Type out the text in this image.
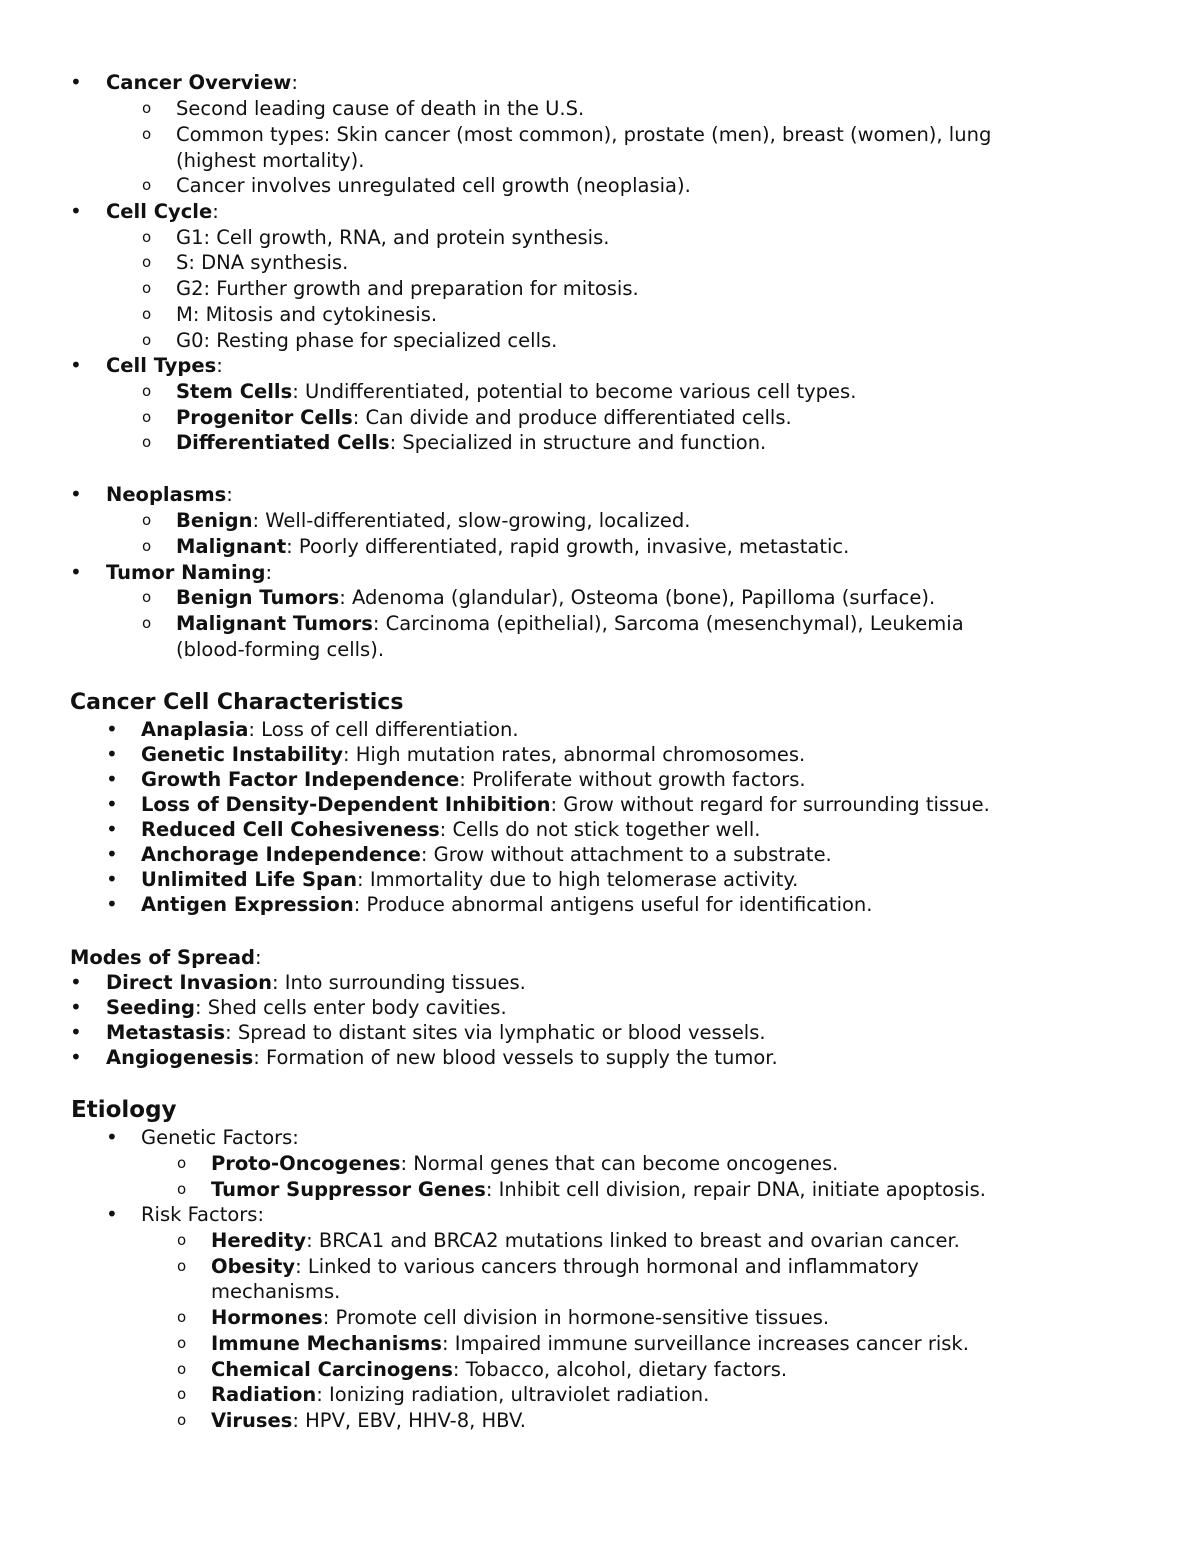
• Cancer Overview:
o Second leading cause of death in the U.S.
o Common types: Skin cancer (most common), prostate (men), breast (women), lung
(highest mortality).
o Cancer involves unregulated cell growth (neoplasia).
• Cell Cycle:
o G1: Cell growth, RNA, and protein synthesis.
o S: DNA synthesis.
o G2: Further growth and preparation for mitosis.
o M: Mitosis and cytokinesis.
o G0: Resting phase for specialized cells.
• Cell Types:
o Stem Cells: Undifferentiated, potential to become various cell types.
o Progenitor Cells: Can divide and produce differentiated cells.
o Differentiated Cells: Specialized in structure and function.
• Neoplasms:
o Benign: Well-differentiated, slow-growing, localized.
o Malignant: Poorly differentiated, rapid growth, invasive, metastatic.
• Tumor Naming:
o Benign Tumors: Adenoma (glandular), Osteoma (bone), Papilloma (surface).
o Malignant Tumors: Carcinoma (epithelial), Sarcoma (mesenchymal), Leukemia
(blood-forming cells).
Cancer Cell Characteristics
• Anaplasia: Loss of cell differentiation.
• Genetic Instability: High mutation rates, abnormal chromosomes.
• Growth Factor Independence: Proliferate without growth factors.
• Loss of Density-Dependent Inhibition: Grow without regard for surrounding tissue.
• Reduced Cell Cohesiveness: Cells do not stick together well.
• Anchorage Independence: Grow without attachment to a substrate.
• Unlimited Life Span: Immortality due to high telomerase activity.
• Antigen Expression: Produce abnormal antigens useful for identification.
Modes of Spread:
• Direct Invasion: Into surrounding tissues.
• Seeding: Shed cells enter body cavities.
• Metastasis: Spread to distant sites via lymphatic or blood vessels.
• Angiogenesis: Formation of new blood vessels to supply the tumor.
Etiology
• Genetic Factors:
o Proto-Oncogenes: Normal genes that can become oncogenes.
o Tumor Suppressor Genes: Inhibit cell division, repair DNA, initiate apoptosis.
• Risk Factors:
o Heredity: BRCA1 and BRCA2 mutations linked to breast and ovarian cancer.
o Obesity: Linked to various cancers through hormonal and inflammatory
mechanisms.
o Hormones: Promote cell division in hormone-sensitive tissues.
o Immune Mechanisms: Impaired immune surveillance increases cancer risk.
o Chemical Carcinogens: Tobacco, alcohol, dietary factors.
o Radiation: Ionizing radiation, ultraviolet radiation.
o Viruses: HPV, EBV, HHV-8, HBV.
